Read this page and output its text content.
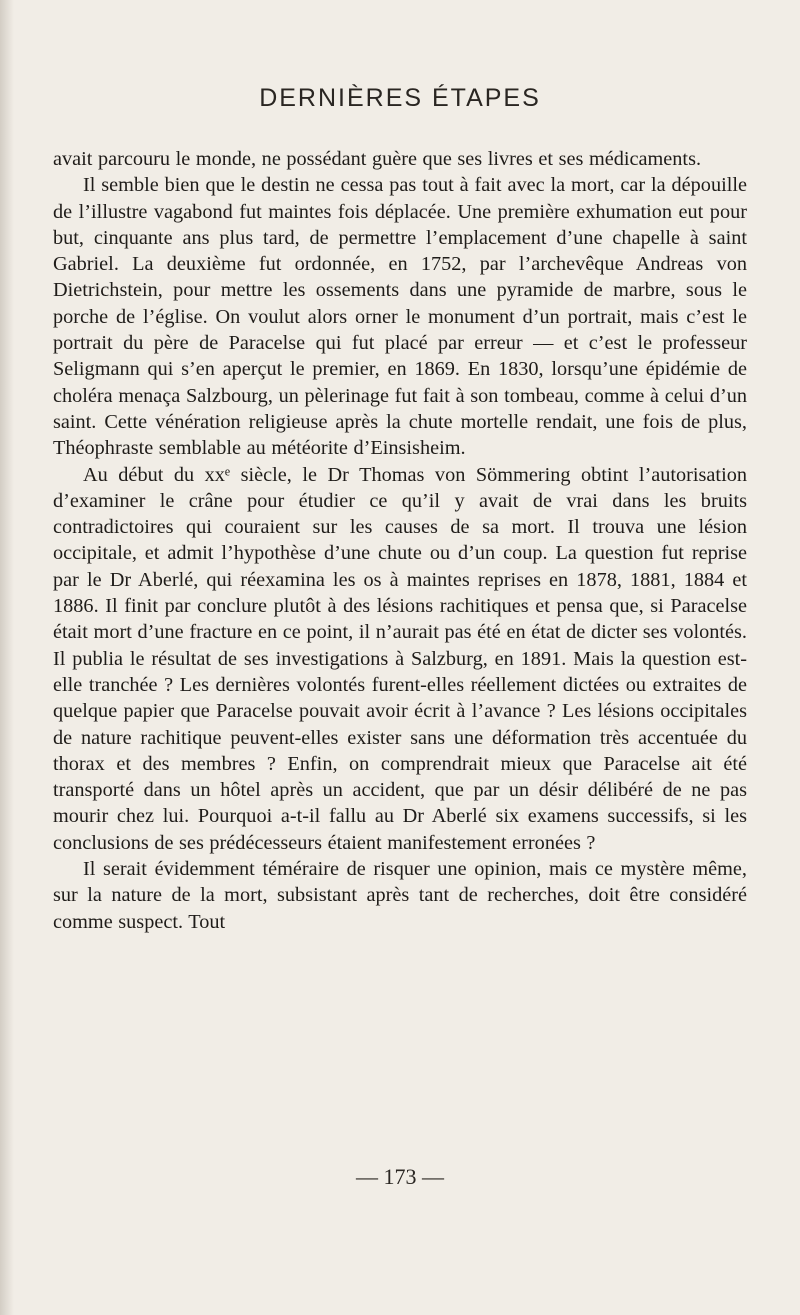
DERNIÈRES ÉTAPES

avait parcouru le monde, ne possédant guère que ses livres et ses médicaments.

Il semble bien que le destin ne cessa pas tout à fait avec la mort, car la dépouille de l’illustre vagabond fut maintes fois déplacée. Une première exhumation eut pour but, cinquante ans plus tard, de permettre l’emplacement d’une chapelle à saint Gabriel. La deuxième fut ordonnée, en 1752, par l’archevêque Andreas von Dietrichstein, pour mettre les ossements dans une pyramide de marbre, sous le porche de l’église. On voulut alors orner le monument d’un portrait, mais c’est le portrait du père de Paracelse qui fut placé par erreur — et c’est le professeur Seligmann qui s’en aperçut le premier, en 1869. En 1830, lorsqu’une épidémie de choléra menaça Salzbourg, un pèlerinage fut fait à son tombeau, comme à celui d’un saint. Cette vénération religieuse après la chute mortelle rendait, une fois de plus, Théophraste semblable au météorite d’Einsisheim.

Au début du xxᵉ siècle, le Dr Thomas von Sömmering obtint l’autorisation d’examiner le crâne pour étudier ce qu’il y avait de vrai dans les bruits contradictoires qui couraient sur les causes de sa mort. Il trouva une lésion occipitale, et admit l’hypothèse d’une chute ou d’un coup. La question fut reprise par le Dr Aberlé, qui réexamina les os à maintes reprises en 1878, 1881, 1884 et 1886. Il finit par conclure plutôt à des lésions rachitiques et pensa que, si Paracelse était mort d’une fracture en ce point, il n’aurait pas été en état de dicter ses volontés. Il publia le résultat de ses investigations à Salzburg, en 1891. Mais la question est-elle tranchée ? Les dernières volontés furent-elles réellement dictées ou extraites de quelque papier que Paracelse pouvait avoir écrit à l’avance ? Les lésions occipitales de nature rachitique peuvent-elles exister sans une déformation très accentuée du thorax et des membres ? Enfin, on comprendrait mieux que Paracelse ait été transporté dans un hôtel après un accident, que par un désir délibéré de ne pas mourir chez lui. Pourquoi a-t-il fallu au Dr Aberlé six examens successifs, si les conclusions de ses prédécesseurs étaient manifestement erronées ?

Il serait évidemment téméraire de risquer une opinion, mais ce mystère même, sur la nature de la mort, subsistant après tant de recherches, doit être considéré comme suspect. Tout

— 173 —
